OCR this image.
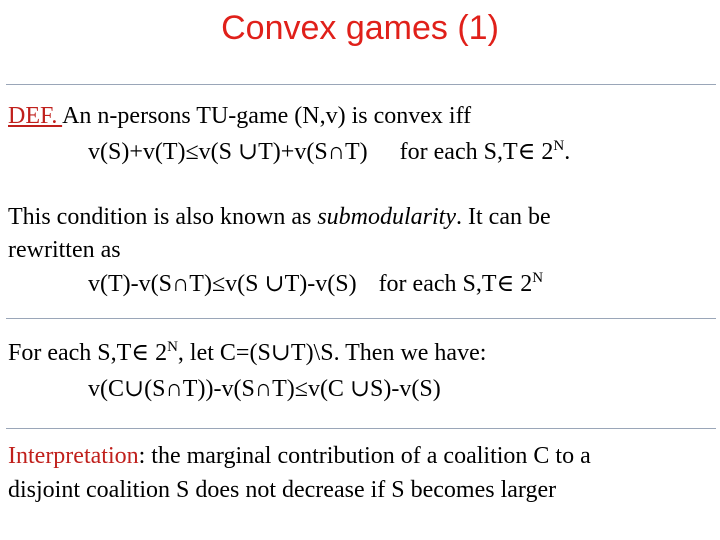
Convex games (1)
DEF. An n-persons TU-game (N,v) is convex iff
v(S)+v(T)≤v(S ∪T)+v(S∩T) for each S,T∈ $2^N$.
This condition is also known as submodularity. It can be
rewritten as
v(T)-v(S∩T)≤v(S ∪T)-v(S) for each S,T∈ $2^N$
For each S,T∈ $2^N$, let C=(S∪T)\S. Then we have:
v(C∪(S∩T))-v(S∩T)≤v(C ∪S)-v(S)
Interpretation: the marginal contribution of a coalition C to a
disjoint coalition S does not decrease if S becomes larger
